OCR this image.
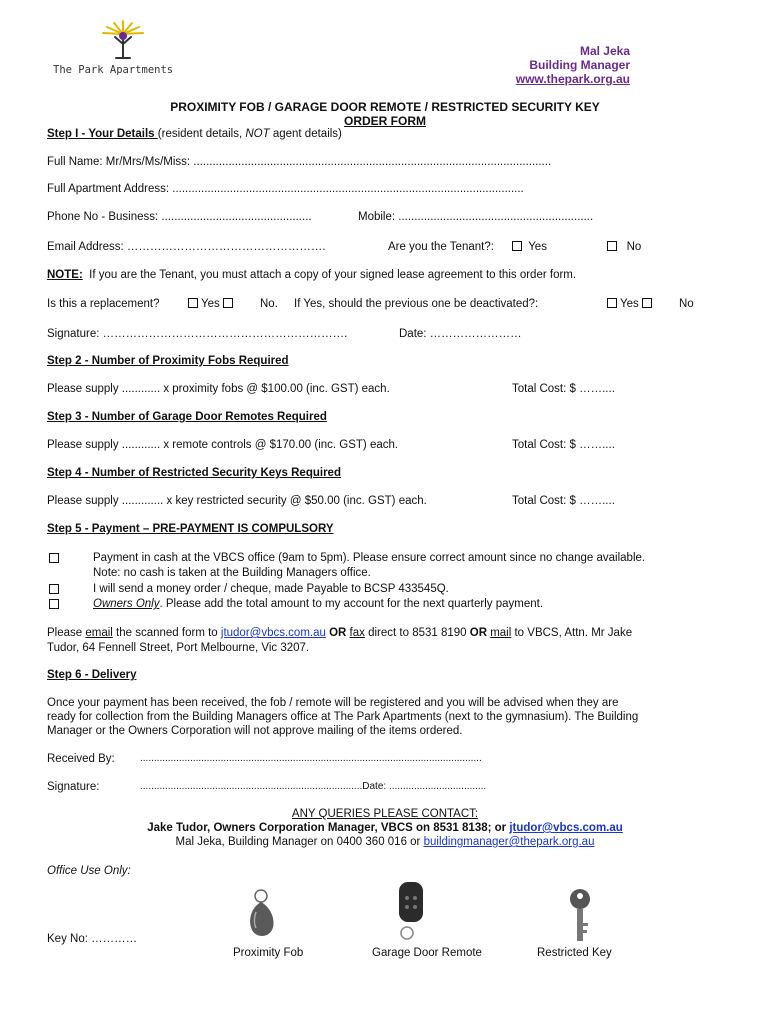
The Park Apartments
Mal Jeka
Building Manager
www.thepark.org.au
PROXIMITY FOB / GARAGE DOOR REMOTE / RESTRICTED SECURITY KEY
ORDER FORM
Step I - Your Details (resident details, NOT agent details)
Full Name: Mr/Mrs/Ms/Miss: ................................................................................................................
Full Apartment Address: ..............................................................................................................
Phone No - Business: ...............................................	Mobile: .............................................................
Email Address: …………………………………………….	Are you the Tenant?:	Yes	No
NOTE: If you are the Tenant, you must attach a copy of your signed lease agreement to this order form.
Is this a replacement?	Yes	No. If Yes, should the previous one be deactivated?:	Yes	No
Signature: ……………………………………………………….	Date: ……………………
Step 2 - Number of Proximity Fobs Required
Please supply ............ x proximity fobs @ $100.00 (inc. GST) each.	Total Cost: $ ……....
Step 3 - Number of Garage Door Remotes Required
Please supply ............ x remote controls @ $170.00 (inc. GST) each.	Total Cost: $ ……....
Step 4 - Number of Restricted Security Keys Required
Please supply ............. x key restricted security @ $50.00 (inc. GST) each.	Total Cost: $ ……....
Step 5 - Payment – PRE-PAYMENT IS COMPULSORY
Payment in cash at the VBCS office (9am to 5pm). Please ensure correct amount since no change available.
Note: no cash is taken at the Building Managers office.
I will send a money order / cheque, made Payable to BCSP 433545Q.
Owners Only. Please add the total amount to my account for the next quarterly payment.
Please email the scanned form to jtudor@vbcs.com.au OR fax direct to 8531 8190 OR mail to VBCS, Attn. Mr Jake
Tudor, 64 Fennell Street, Port Melbourne, Vic 3207.
Step 6 - Delivery
Once your payment has been received, the fob / remote will be registered and you will be advised when they are
ready for collection from the Building Managers office at The Park Apartments (next to the gymnasium). The Building
Manager or the Owners Corporation will not approve mailing of the items ordered.
Received By:	...........................................................................................................................
Signature:	................................................................................Date: ...................................
ANY QUERIES PLEASE CONTACT:
Jake Tudor, Owners Corporation Manager, VBCS on 8531 8138; or jtudor@vbcs.com.au
Mal Jeka, Building Manager on 0400 360 016 or buildingmanager@thepark.org.au
Office Use Only:
Key No: …………
Proximity Fob	Garage Door Remote	Restricted Key
